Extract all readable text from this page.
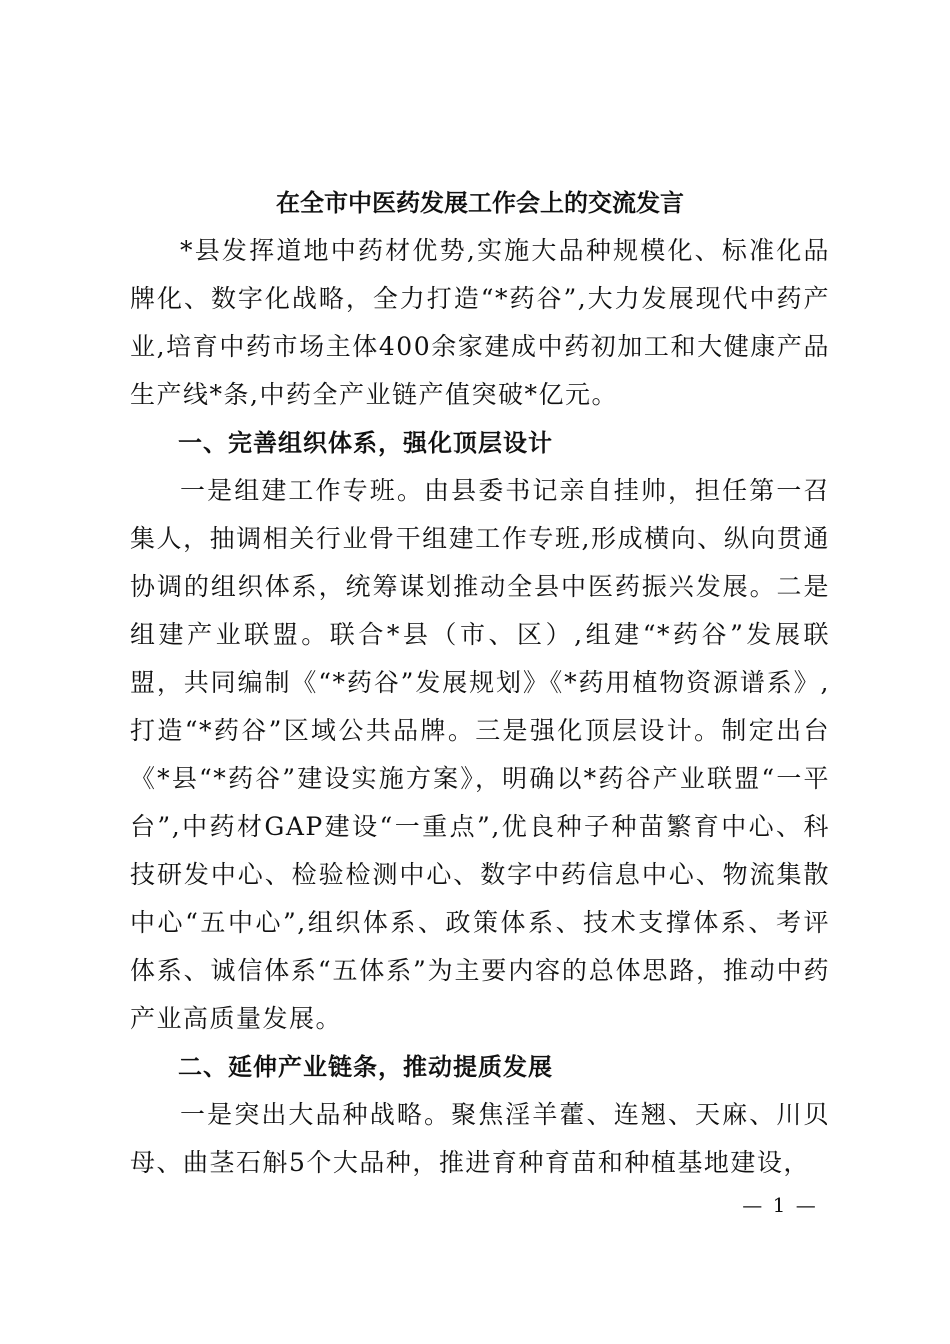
在全市中医药发展工作会上的交流发言

*县发挥道地中药材优势,实施大品种规模化、标准化品牌化、数字化战略，全力打造“*药谷”,大力发展现代中药产业,培育中药市场主体400余家建成中药初加工和大健康产品生产线*条,中药全产业链产值突破*亿元。

一、完善组织体系，强化顶层设计

一是组建工作专班。由县委书记亲自挂帅，担任第一召集人，抽调相关行业骨干组建工作专班,形成横向、纵向贯通协调的组织体系，统筹谋划推动全县中医药振兴发展。二是组建产业联盟。联合*县（市、区）,组建“*药谷”发展联盟，共同编制《“*药谷”发展规划》《*药用植物资源谱系》,打造“*药谷”区域公共品牌。三是强化顶层设计。制定出台《*县“*药谷”建设实施方案》，明确以*药谷产业联盟“一平台”,中药材GAP建设“一重点”,优良种子种苗繁育中心、科技研发中心、检验检测中心、数字中药信息中心、物流集散中心“五中心”,组织体系、政策体系、技术支撑体系、考评体系、诚信体系“五体系”为主要内容的总体思路，推动中药产业高质量发展。

二、延伸产业链条，推动提质发展

一是突出大品种战略。聚焦淫羊藿、连翘、天麻、川贝母、曲茎石斛5个大品种，推进育种育苗和种植基地建设，

— 1 —
